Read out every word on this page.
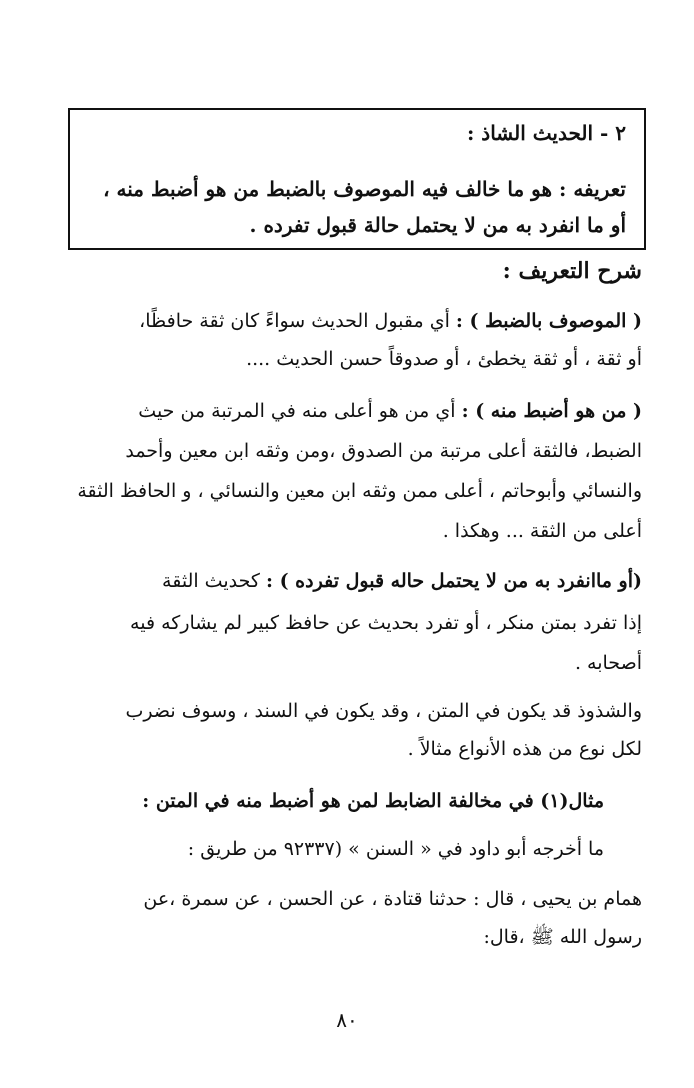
٢ - الحديث الشاذ :
تعريفه : هو ما خالف فيه الموصوف بالضبط من هو أضبط منه ،
أو ما انفرد به من لا يحتمل حالة قبول تفرده .
شرح التعريف :
( الموصوف بالضبط ) : أي مقبول الحديث سواءً كان ثقة حافظًا،
أو ثقة ، أو ثقة يخطئ ، أو صدوقاً حسن الحديث ....
( من هو أضبط منه ) : أي من هو أعلى منه في المرتبة من حيث
الضبط، فالثقة أعلى مرتبة من الصدوق ،ومن وثقه ابن معين وأحمد
والنسائي وأبوحاتم ، أعلى ممن وثقه ابن معين والنسائي ، و الحافظ الثقة
أعلى من الثقة ... وهكذا .
(أو ماانفرد به من لا يحتمل حاله قبول تفرده ) : كحديث الثقة
إذا تفرد بمتن منكر ، أو تفرد بحديث عن حافظ كبير لم يشاركه فيه
أصحابه .
والشذوذ قد يكون في المتن ، وقد يكون في السند ، وسوف نضرب
لكل نوع من هذه الأنواع مثالاً .
مثال(١) في مخالفة الضابط لمن هو أضبط منه في المتن :
ما أخرجه أبو داود في « السنن » (٩٢٣٣٧ من طريق :
همام بن يحيى ، قال : حدثنا قتادة ، عن الحسن ، عن سمرة ،عن
رسول الله ﷺ ،قال:
٨٠
